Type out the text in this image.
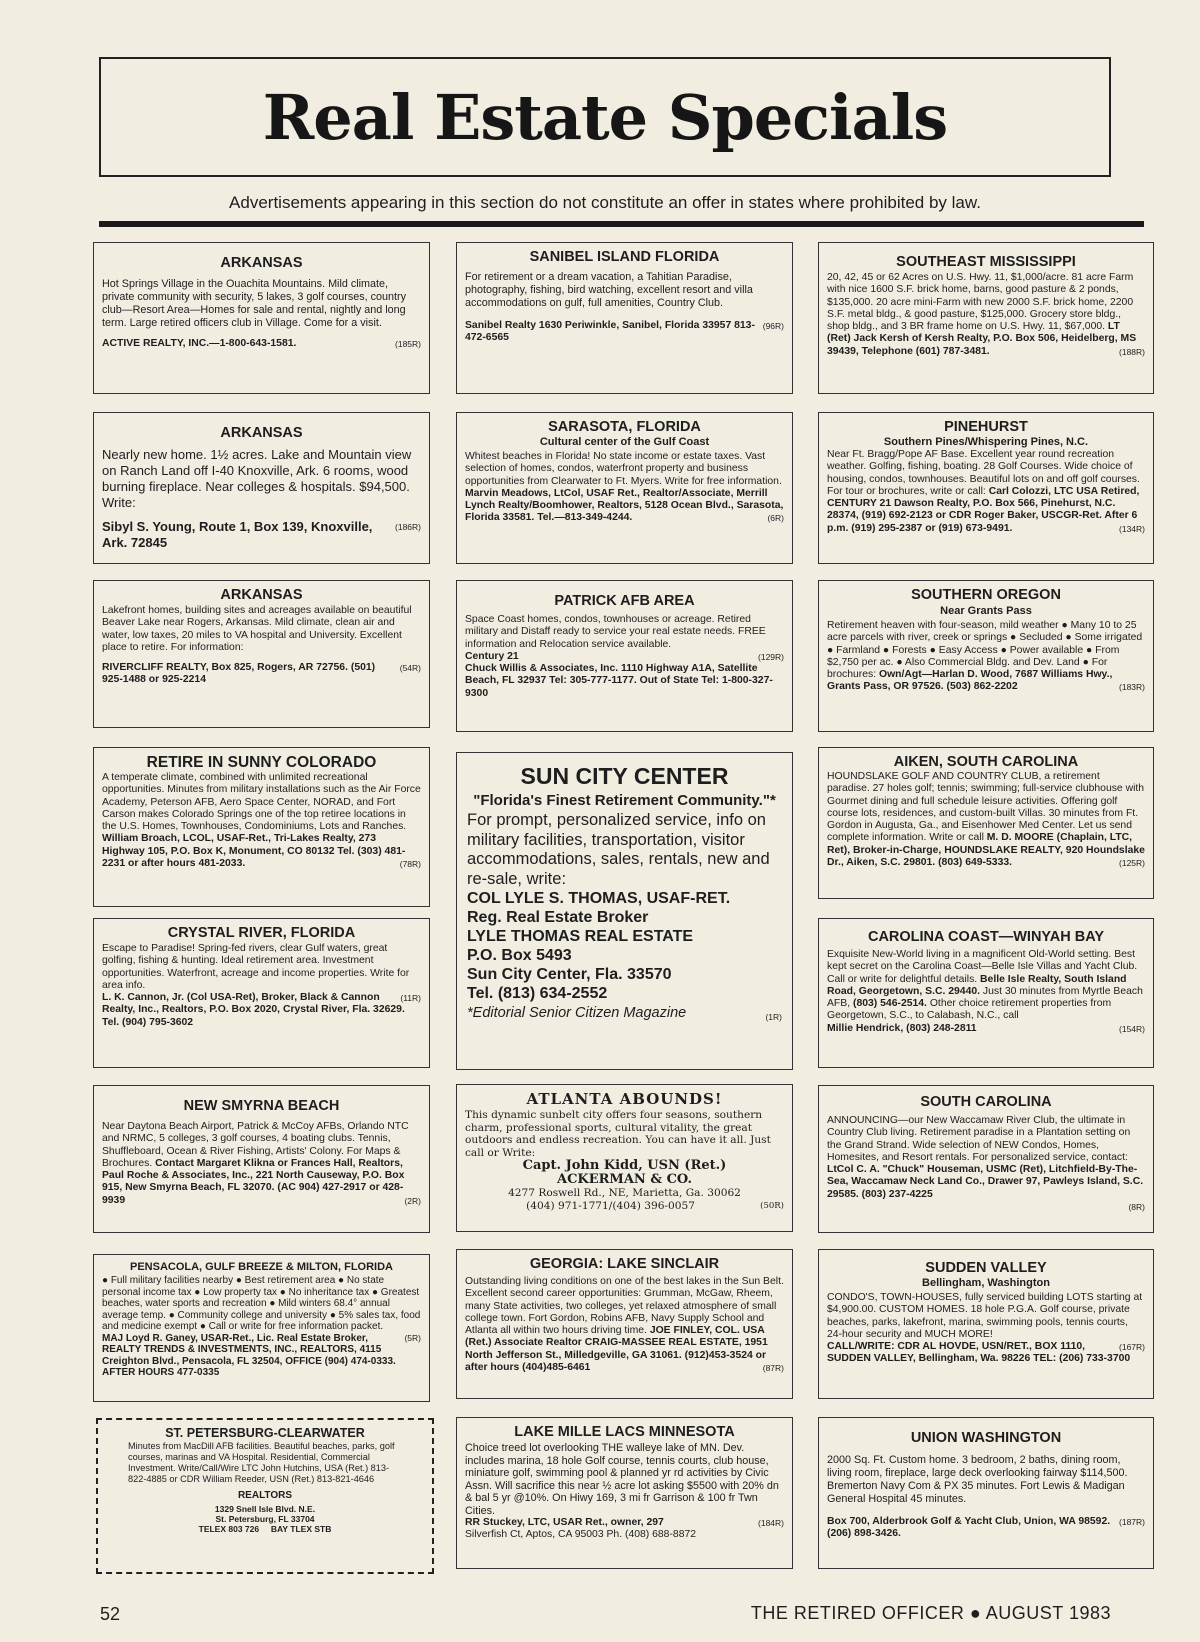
Real Estate Specials
Advertisements appearing in this section do not constitute an offer in states where prohibited by law.
ARKANSAS

Hot Springs Village in the Ouachita Mountains. Mild climate, private community with security, 5 lakes, 3 golf courses, country club—Resort Area—Homes for sale and rental, nightly and long term. Large retired officers club in Village. Come for a visit.

(185R)
ACTIVE REALTY, INC.—1-800-643-1581.

ARKANSAS

Nearly new home. 1½ acres. Lake and Mountain view on Ranch Land off I-40 Knoxville, Ark. 6 rooms, wood burning fireplace. Near colleges & hospitals. $94,500. Write:

(186R)
Sibyl S. Young, Route 1, Box 139, Knoxville, Ark. 72845

ARKANSAS

Lakefront homes, building sites and acreages available on beautiful Beaver Lake near Rogers, Arkansas. Mild climate, clean air and water, low taxes, 20 miles to VA hospital and University. Excellent place to retire. For information:

(54R)
RIVERCLIFF REALTY, Box 825, Rogers, AR 72756. (501) 925-1488 or 925-2214

RETIRE IN SUNNY COLORADO

A temperate climate, combined with unlimited recreational opportunities. Minutes from military installations such as the Air Force Academy, Peterson AFB, Aero Space Center, NORAD, and Fort Carson makes Colorado Springs one of the top retiree locations in the U.S. Homes, Townhouses, Condominiums, Lots and Ranches. William Broach, LCOL, USAF-Ret., Tri-Lakes Realty, 273 Highway 105, P.O. Box K, Monument, CO 80132 Tel. (303) 481-2231 or after hours 481-2033.	(78R)

CRYSTAL RIVER, FLORIDA

Escape to Paradise! Spring-fed rivers, clear Gulf waters, great golfing, fishing & hunting. Ideal retirement area. Investment opportunities. Waterfront, acreage and income properties. Write for area info.

(11R)
L. K. Cannon, Jr. (Col USA-Ret), Broker, Black & Cannon Realty, Inc., Realtors, P.O. Box 2020, Crystal River, Fla. 32629. Tel. (904) 795-3602

NEW SMYRNA BEACH

Near Daytona Beach Airport, Patrick & McCoy AFBs, Orlando NTC and NRMC, 5 colleges, 3 golf courses, 4 boating clubs. Tennis, Shuffleboard, Ocean & River Fishing, Artists' Colony. For Maps & Brochures. Contact Margaret Klikna or Frances Hall, Realtors, Paul Roche & Associates, Inc., 221 North Causeway, P.O. Box 915, New Smyrna Beach, FL 32070. (AC 904) 427-2917 or 428-9939	(2R)

PENSACOLA, GULF BREEZE & MILTON, FLORIDA

● Full military facilities nearby ● Best retirement area ● No state personal income tax ● Low property tax ● No inheritance tax ● Greatest beaches, water sports and recreation ● Mild winters 68.4° annual average temp. ● Community college and university ● 5% sales tax, food and medicine exempt ● Call or write for free information packet.

(5R)
MAJ Loyd R. Ganey, USAR-Ret., Lic. Real Estate Broker, REALTY TRENDS & INVESTMENTS, INC., REALTORS, 4115 Creighton Blvd., Pensacola, FL 32504, OFFICE (904) 474-0333. AFTER HOURS 477-0335

ST. PETERSBURG-CLEARWATER

Minutes from MacDill AFB facilities. Beautiful beaches, parks, golf courses, marinas and VA Hospital. Residential, Commercial Investment. Write/Call/Wire LTC John Hutchins, USA (Ret.) 813-822-4885 or CDR William Reeder, USN (Ret.) 813-821-4646

REALTORS
1329 Snell Isle Blvd. N.E.
St. Petersburg, FL 33704
TELEX 803 726     BAY TLEX STB
SANIBEL ISLAND FLORIDA

For retirement or a dream vacation, a Tahitian Paradise, photography, fishing, bird watching, excellent resort and villa accommodations on gulf, full amenities, Country Club.

(96R)
Sanibel Realty 1630 Periwinkle, Sanibel, Florida 33957 813-472-6565

SARASOTA, FLORIDA
Cultural center of the Gulf Coast

Whitest beaches in Florida! No state income or estate taxes. Vast selection of homes, condos, waterfront property and business opportunities from Clearwater to Ft. Myers. Write for free information. Marvin Meadows, LtCol, USAF Ret., Realtor/Associate, Merrill Lynch Realty/Boomhower, Realtors, 5128 Ocean Blvd., Sarasota, Florida 33581. Tel.—813-349-4244.	(6R)

PATRICK AFB AREA

Space Coast homes, condos, townhouses or acreage. Retired military and Distaff ready to service your real estate needs. FREE information and Relocation service available.

(129R)
Century 21

Chuck Willis & Associates, Inc. 1110 Highway A1A, Satellite Beach, FL 32937 Tel: 305-777-1177. Out of State Tel: 1-800-327-9300

SUN CITY CENTER
"Florida's Finest Retirement Community."*

For prompt, personalized service, info on military facilities, transportation, visitor accommodations, sales, rentals, new and re-sale, write:

COL LYLE S. THOMAS, USAF-RET.

Reg. Real Estate Broker

LYLE THOMAS REAL ESTATE

P.O. Box 5493

Sun City Center, Fla. 33570

Tel. (813) 634-2552

(1R)
*Editorial Senior Citizen Magazine

ATLANTA ABOUNDS!

This dynamic sunbelt city offers four seasons, southern charm, professional sports, cultural vitality, the great outdoors and endless recreation. You can have it all. Just call or Write:

Capt. John Kidd, USN (Ret.)
ACKERMAN & CO.
4277 Roswell Rd., NE, Marietta, Ga. 30062
(50R)
(404) 971-1771/(404) 396-0057
GEORGIA: LAKE SINCLAIR

Outstanding living conditions on one of the best lakes in the Sun Belt. Excellent second career opportunities: Grumman, McGaw, Rheem, many State activities, two colleges, yet relaxed atmosphere of small college town. Fort Gordon, Robins AFB, Navy Supply School and Atlanta all within two hours driving time. JOE FINLEY, COL. USA (Ret.) Associate Realtor CRAIG-MASSEE REAL ESTATE, 1951 North Jefferson St., Milledgeville, GA 31061. (912)453-3524 or after hours (404)485-6461	(87R)

LAKE MILLE LACS MINNESOTA

Choice treed lot overlooking THE walleye lake of MN. Dev. includes marina, 18 hole Golf course, tennis courts, club house, miniature golf, swimming pool & planned yr rd activities by Civic Assn. Will sacrifice this near ½ acre lot asking $5500 with 20% dn & bal 5 yr @10%. On Hiwy 169, 3 mi fr Garrison & 100 fr Twn Cities.

(184R)
RR Stuckey, LTC, USAR Ret., owner, 297

Silverfish Ct, Aptos, CA 95003 Ph. (408) 688-8872

SOUTHEAST MISSISSIPPI

20, 42, 45 or 62 Acres on U.S. Hwy. 11, $1,000/acre. 81 acre Farm with nice 1600 S.F. brick home, barns, good pasture & 2 ponds, $135,000. 20 acre mini-Farm with new 2000 S.F. brick home, 2200 S.F. metal bldg., & good pasture, $125,000. Grocery store bldg., shop bldg., and 3 BR frame home on U.S. Hwy. 11, $67,000. LT (Ret) Jack Kersh of Kersh Realty, P.O. Box 506, Heidelberg, MS 39439, Telephone (601) 787-3481.	(188R)

PINEHURST
Southern Pines/Whispering Pines, N.C.

Near Ft. Bragg/Pope AF Base. Excellent year round recreation weather. Golfing, fishing, boating. 28 Golf Courses. Wide choice of housing, condos, townhouses. Beautiful lots on and off golf courses. For tour or brochures, write or call: Carl Colozzi, LTC USA Retired, CENTURY 21 Dawson Realty, P.O. Box 566, Pinehurst, N.C. 28374, (919) 692-2123 or CDR Roger Baker, USCGR-Ret. After 6 p.m. (919) 295-2387 or (919) 673-9491.	(134R)

SOUTHERN OREGON
Near Grants Pass

Retirement heaven with four-season, mild weather ● Many 10 to 25 acre parcels with river, creek or springs ● Secluded ● Some irrigated ● Farmland ● Forests ● Easy Access ● Power available ● From $2,750 per ac. ● Also Commercial Bldg. and Dev. Land ● For brochures: Own/Agt—Harlan D. Wood, 7687 Williams Hwy., Grants Pass, OR 97526. (503) 862-2202	(183R)

AIKEN, SOUTH CAROLINA

HOUNDSLAKE GOLF AND COUNTRY CLUB, a retirement paradise. 27 holes golf; tennis; swimming; full-service clubhouse with Gourmet dining and full schedule leisure activities. Offering golf course lots, residences, and custom-built Villas. 30 minutes from Ft. Gordon in Augusta, Ga., and Eisenhower Med Center. Let us send complete information. Write or call M. D. MOORE (Chaplain, LTC, Ret), Broker-in-Charge, HOUNDSLAKE REALTY, 920 Houndslake Dr., Aiken, S.C. 29801. (803) 649-5333.	(125R)

CAROLINA COAST—WINYAH BAY

Exquisite New-World living in a magnificent Old-World setting. Best kept secret on the Carolina Coast—Belle Isle Villas and Yacht Club. Call or write for delightful details. Belle Isle Realty, South Island Road, Georgetown, S.C. 29440. Just 30 minutes from Myrtle Beach AFB, (803) 546-2514. Other choice retirement properties from Georgetown, S.C., to Calabash, N.C., call

(154R)
Millie Hendrick, (803) 248-2811

SOUTH CAROLINA

ANNOUNCING—our New Waccamaw River Club, the ultimate in Country Club living. Retirement paradise in a Plantation setting on the Grand Strand. Wide selection of NEW Condos, Homes, Homesites, and Resort rentals. For personalized service, contact: LtCol C. A. "Chuck" Houseman, USMC (Ret), Litchfield-By-The-Sea, Waccamaw Neck Land Co., Drawer 97, Pawleys Island, S.C. 29585. (803) 237-4225

(8R)

SUDDEN VALLEY
Bellingham, Washington

CONDO'S, TOWN-HOUSES, fully serviced building LOTS starting at $4,900.00. CUSTOM HOMES. 18 hole P.G.A. Golf course, private beaches, parks, lakefront, marina, swimming pools, tennis courts, 24-hour security and MUCH MORE!

(167R)
CALL/WRITE: CDR AL HOVDE, USN/RET., BOX 1110, SUDDEN VALLEY, Bellingham, Wa. 98226 TEL: (206) 733-3700

UNION WASHINGTON

2000 Sq. Ft. Custom home. 3 bedroom, 2 baths, dining room, living room, fireplace, large deck overlooking fairway $114,500. Bremerton Navy Com & PX 35 minutes. Fort Lewis & Madigan General Hospital 45 minutes.

(187R)
Box 700, Alderbrook Golf & Yacht Club, Union, WA 98592. (206) 898-3426.

52	THE RETIRED OFFICER ● AUGUST 1983
